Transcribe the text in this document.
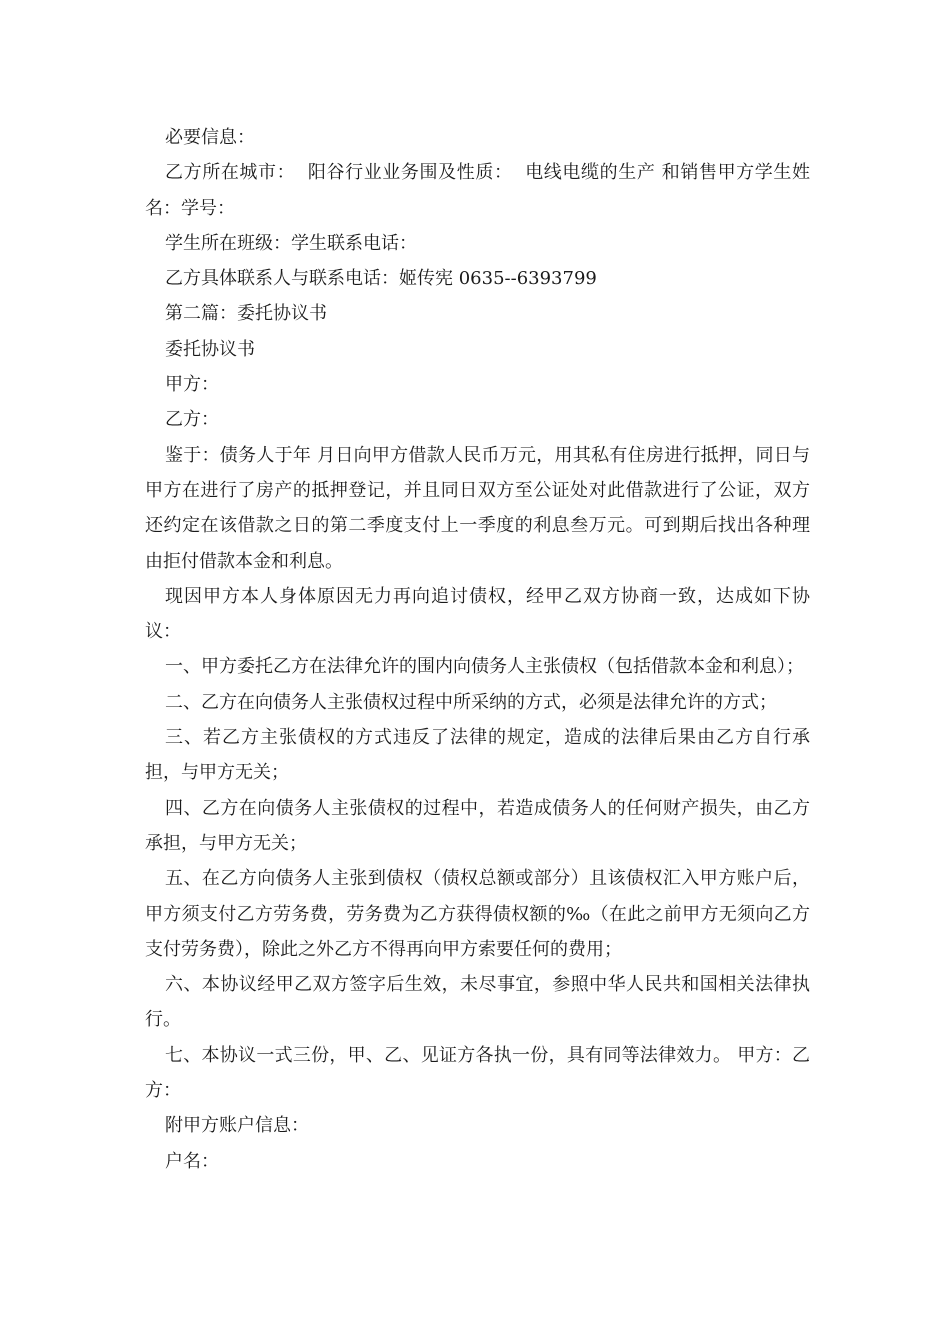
必要信息：

乙方所在城市：  阳谷行业业务围及性质：  电线电缆的生产 和销售甲方学生姓名：学号：

学生所在班级：学生联系电话：

乙方具体联系人与联系电话：姬传宪 0635--6393799

第二篇：委托协议书

委托协议书

甲方：

乙方：

鉴于：债务人于年 月日向甲方借款人民币万元，用其私有住房进行抵押，同日与甲方在进行了房产的抵押登记，并且同日双方至公证处对此借款进行了公证，双方还约定在该借款之日的第二季度支付上一季度的利息叁万元。可到期后找出各种理由拒付借款本金和利息。

现因甲方本人身体原因无力再向追讨债权，经甲乙双方协商一致，达成如下协议：

一、甲方委托乙方在法律允许的围内向债务人主张债权（包括借款本金和利息）；

二、乙方在向债务人主张债权过程中所采纳的方式，必须是法律允许的方式；

三、若乙方主张债权的方式违反了法律的规定，造成的法律后果由乙方自行承担，与甲方无关；

四、乙方在向债务人主张债权的过程中，若造成债务人的任何财产损失，由乙方承担，与甲方无关；

五、在乙方向债务人主张到债权（债权总额或部分）且该债权汇入甲方账户后，甲方须支付乙方劳务费，劳务费为乙方获得债权额的‰（在此之前甲方无须向乙方支付劳务费），除此之外乙方不得再向甲方索要任何的费用；

六、本协议经甲乙双方签字后生效，未尽事宜，参照中华人民共和国相关法律执行。

七、本协议一式三份，甲、乙、见证方各执一份，具有同等法律效力。 甲方：乙方：

附甲方账户信息：

户名：
